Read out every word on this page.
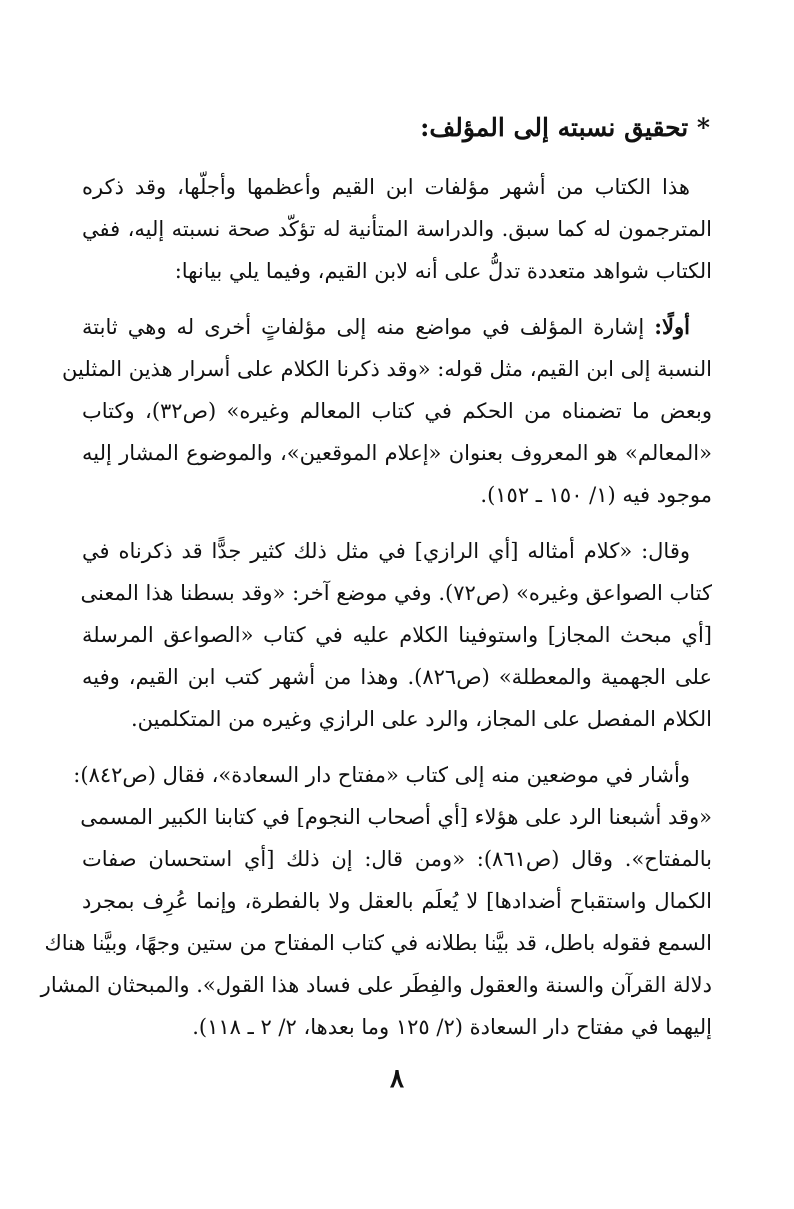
* تحقيق نسبته إلى المؤلف:
هذا الكتاب من أشهر مؤلفات ابن القيم وأعظمها وأجلّها، وقد ذكره
المترجمون له كما سبق. والدراسة المتأنية له تؤكّد صحة نسبته إليه، ففي
الكتاب شواهد متعددة تدلُّ على أنه لابن القيم، وفيما يلي بيانها:
أولًا: إشارة المؤلف في مواضع منه إلى مؤلفاتٍ أخرى له وهي ثابتة
النسبة إلى ابن القيم، مثل قوله: «وقد ذكرنا الكلام على أسرار هذين المثلين
وبعض ما تضمناه من الحكم في كتاب المعالم وغيره» (ص٣٢)، وكتاب
«المعالم» هو المعروف بعنوان «إعلام الموقعين»، والموضوع المشار إليه
موجود فيه (١/ ١٥٠ ـ ١٥٢).
وقال: «كلام أمثاله [أي الرازي] في مثل ذلك كثير جدًّا قد ذكرناه في
كتاب الصواعق وغيره» (ص٧٢). وفي موضع آخر: «وقد بسطنا هذا المعنى
[أي مبحث المجاز] واستوفينا الكلام عليه في كتاب «الصواعق المرسلة
على الجهمية والمعطلة» (ص٨٢٦). وهذا من أشهر كتب ابن القيم، وفيه
الكلام المفصل على المجاز، والرد على الرازي وغيره من المتكلمين.
وأشار في موضعين منه إلى كتاب «مفتاح دار السعادة»، فقال (ص٨٤٢):
«وقد أشبعنا الرد على هؤلاء [أي أصحاب النجوم] في كتابنا الكبير المسمى
بالمفتاح». وقال (ص٨٦١): «ومن قال: إن ذلك [أي استحسان صفات
الكمال واستقباح أضدادها] لا يُعلَم بالعقل ولا بالفطرة، وإنما عُرِف بمجرد
السمع فقوله باطل، قد بيَّنا بطلانه في كتاب المفتاح من ستين وجهًا، وبيَّنا هناك
دلالة القرآن والسنة والعقول والفِطَر على فساد هذا القول». والمبحثان المشار
إليهما في مفتاح دار السعادة (٢/ ١٢٥ وما بعدها، ٢/ ٢ ـ ١١٨).
٨
